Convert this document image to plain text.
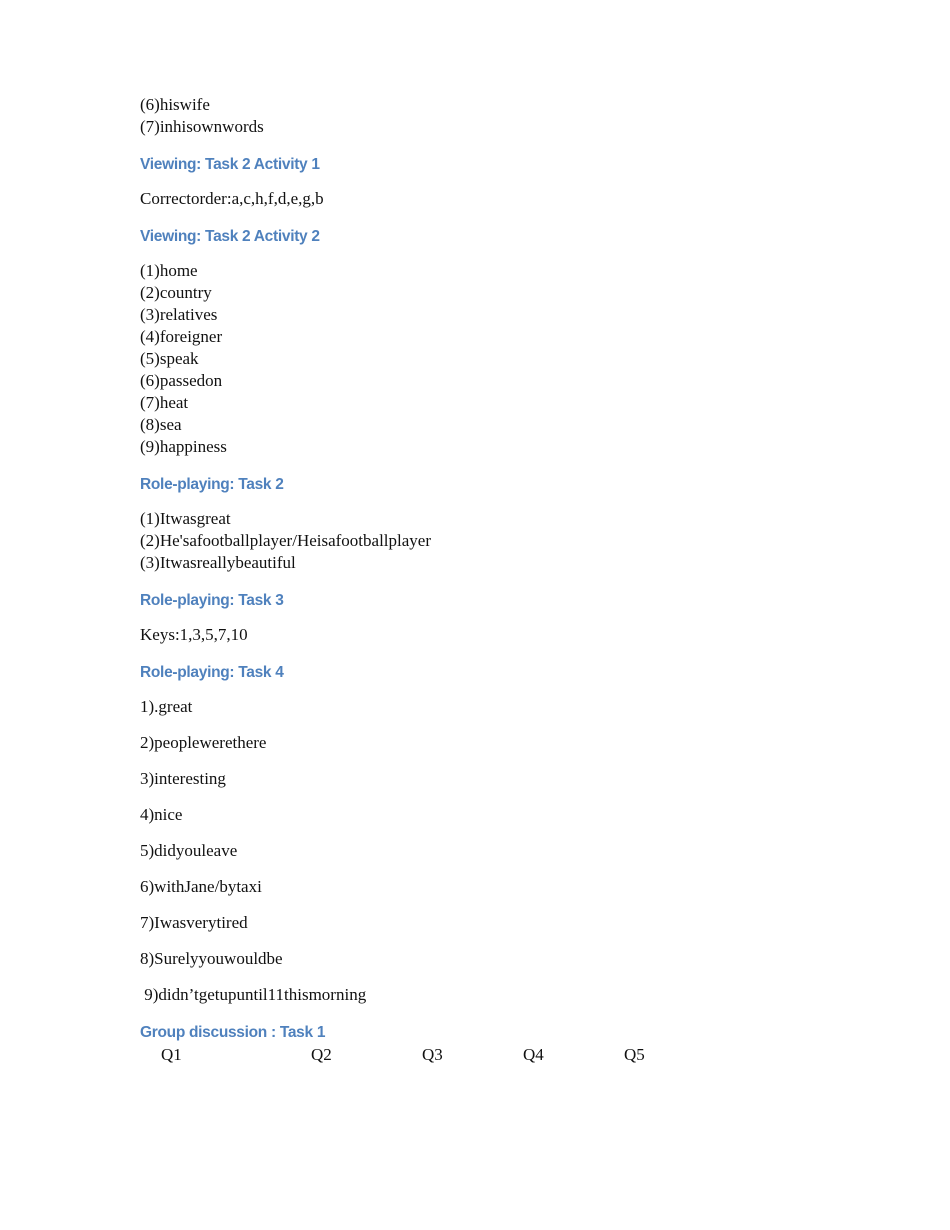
(6)hiswife
(7)inhisownwords
Viewing: Task 2 Activity 1
Correctorder:a,c,h,f,d,e,g,b
Viewing: Task 2 Activity 2
(1)home
(2)country
(3)relatives
(4)foreigner
(5)speak
(6)passedon
(7)heat
(8)sea
(9)happiness
Role-playing: Task 2
(1)Itwasgreat
(2)He'safootballplayer/Heisafootballplayer
(3)Itwasreallybeautiful
Role-playing: Task 3
Keys:1,3,5,7,10
Role-playing: Task 4
1).great
2)peoplewerethere
3)interesting
4)nice
5)didyouleave
6)withJane/bytaxi
7)Iwasverytired
8)Surelyyouwouldbe
9)didn’tgetupuntil11thismorning
Group discussion : Task 1
Q1	Q2	Q3	Q4	Q5
